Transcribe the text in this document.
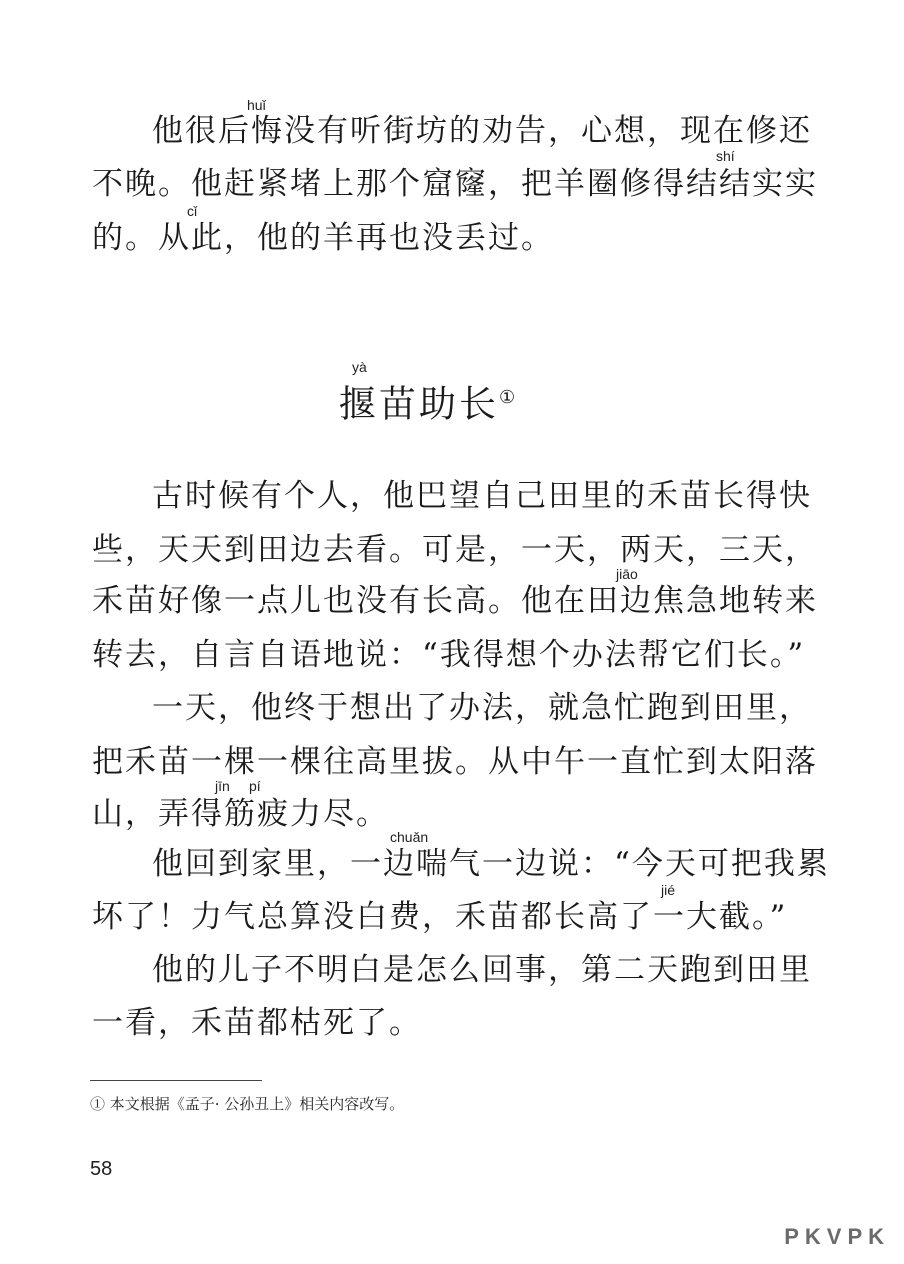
huǐ
他很后悔没有听街坊的劝告，心想，现在修还
shí
不晚。他赶紧堵上那个窟窿，把羊圈修得结结实实
cǐ
的。从此，他的羊再也没丢过。
yà
揠苗助长①
古时候有个人，他巴望自己田里的禾苗长得快
些，天天到田边去看。可是，一天，两天，三天，
jiāo
禾苗好像一点儿也没有长高。他在田边焦急地转来
转去，自言自语地说：“我得想个办法帮它们长。”
一天，他终于想出了办法，就急忙跑到田里，
把禾苗一棵一棵往高里拔。从中午一直忙到太阳落
jīn pí
山，弄得筋疲力尽。
chuǎn
他回到家里，一边喘气一边说：“今天可把我累
jié
坏了！力气总算没白费，禾苗都长高了一大截。”
他的儿子不明白是怎么回事，第二天跑到田里
一看，禾苗都枯死了。
① 本文根据《孟子· 公孙丑上》相关内容改写。
58
PKVPK
